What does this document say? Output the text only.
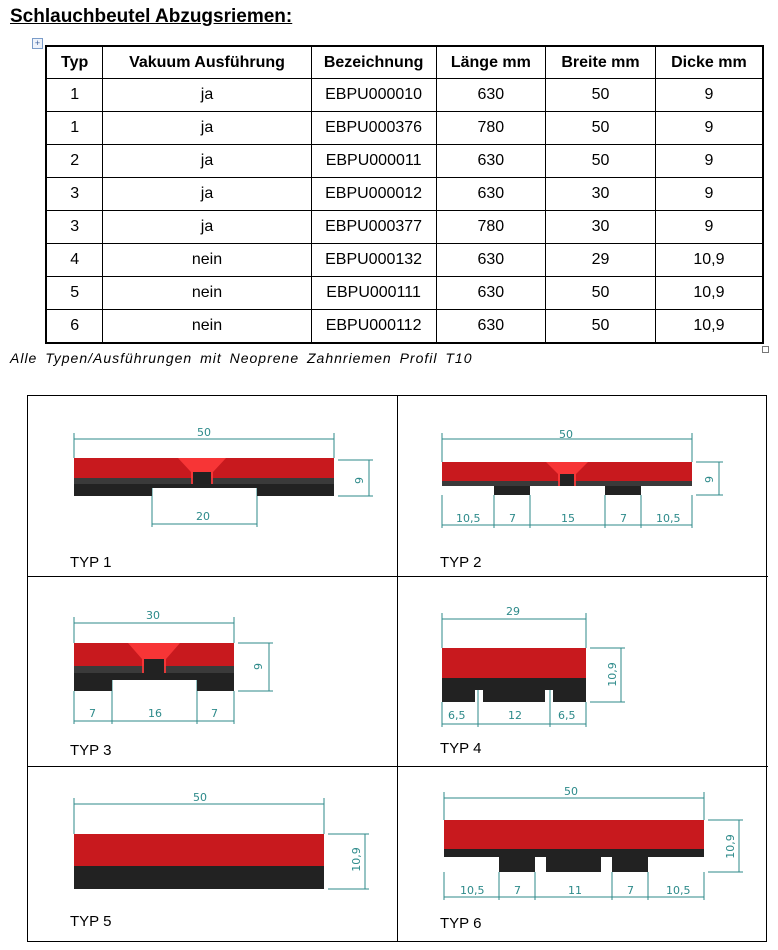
Schlauchbeutel Abzugsriemen:
+
Typ	Vakuum Ausführung	Bezeichnung	Länge mm	Breite mm	Dicke mm
1	ja	EBPU000010	630	50	9
1	ja	EBPU000376	780	50	9
2	ja	EBPU000011	630	50	9
3	ja	EBPU000012	630	30	9
3	ja	EBPU000377	780	30	9
4	nein	EBPU000132	630	29	10,9
5	nein	EBPU000111	630	50	10,9
6	nein	EBPU000112	630	50	10,9
Alle Typen/Ausführungen mit Neoprene Zahnriemen Profil T10
50
9
20
TYP 1
50
9
10,5	7	15	7	10,5
TYP 2
30
9
7	16	7
TYP 3
29
10,9
6,5	12	6,5
TYP 4
50
10,9
TYP 5
50
10,9
10,5	7	11	7	10,5
TYP 6
